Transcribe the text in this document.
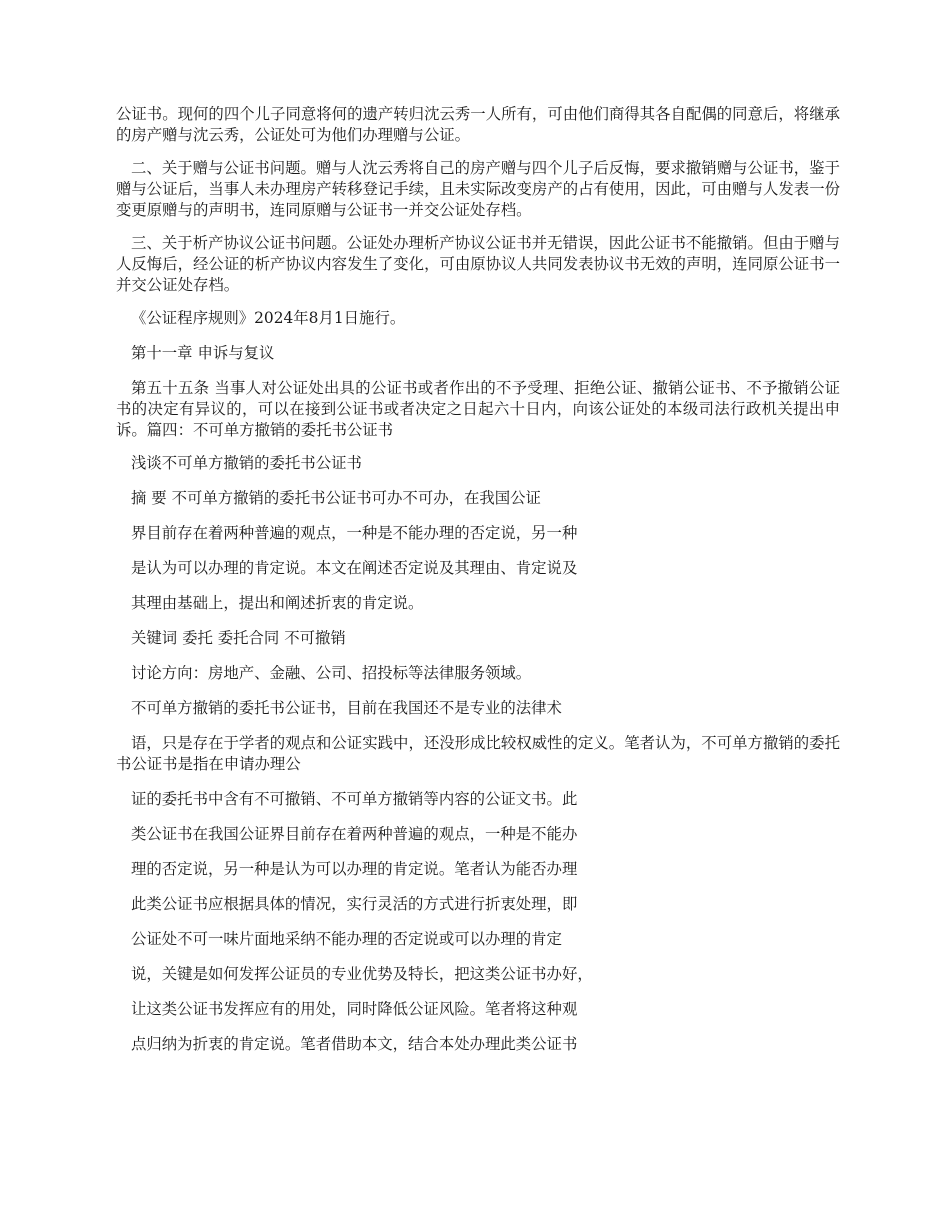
公证书。现何的四个儿子同意将何的遗产转归沈云秀一人所有，可由他们商得其各自配偶的同意后，将继承的房产赠与沈云秀，公证处可为他们办理赠与公证。

二、关于赠与公证书问题。赠与人沈云秀将自己的房产赠与四个儿子后反悔，要求撤销赠与公证书，鉴于赠与公证后，当事人未办理房产转移登记手续，且未实际改变房产的占有使用，因此，可由赠与人发表一份变更原赠与的声明书，连同原赠与公证书一并交公证处存档。

三、关于析产协议公证书问题。公证处办理析产协议公证书并无错误，因此公证书不能撤销。但由于赠与人反悔后，经公证的析产协议内容发生了变化，可由原协议人共同发表协议书无效的声明，连同原公证书一并交公证处存档。

《公证程序规则》2024年8月1日施行。

第十一章 申诉与复议

第五十五条 当事人对公证处出具的公证书或者作出的不予受理、拒绝公证、撤销公证书、不予撤销公证书的决定有异议的，可以在接到公证书或者决定之日起六十日内，向该公证处的本级司法行政机关提出申诉。篇四：不可单方撤销的委托书公证书

浅谈不可单方撤销的委托书公证书

摘 要 不可单方撤销的委托书公证书可办不可办，在我国公证

界目前存在着两种普遍的观点，一种是不能办理的否定说，另一种

是认为可以办理的肯定说。本文在阐述否定说及其理由、肯定说及

其理由基础上，提出和阐述折衷的肯定说。

关键词 委托 委托合同 不可撤销

讨论方向：房地产、金融、公司、招投标等法律服务领域。

不可单方撤销的委托书公证书，目前在我国还不是专业的法律术

语，只是存在于学者的观点和公证实践中，还没形成比较权威性的定义。笔者认为，不可单方撤销的委托书公证书是指在申请办理公

证的委托书中含有不可撤销、不可单方撤销等内容的公证文书。此

类公证书在我国公证界目前存在着两种普遍的观点，一种是不能办

理的否定说，另一种是认为可以办理的肯定说。笔者认为能否办理

此类公证书应根据具体的情况，实行灵活的方式进行折衷处理，即

公证处不可一味片面地采纳不能办理的否定说或可以办理的肯定

说，关键是如何发挥公证员的专业优势及特长，把这类公证书办好，

让这类公证书发挥应有的用处，同时降低公证风险。笔者将这种观

点归纳为折衷的肯定说。笔者借助本文，结合本处办理此类公证书
